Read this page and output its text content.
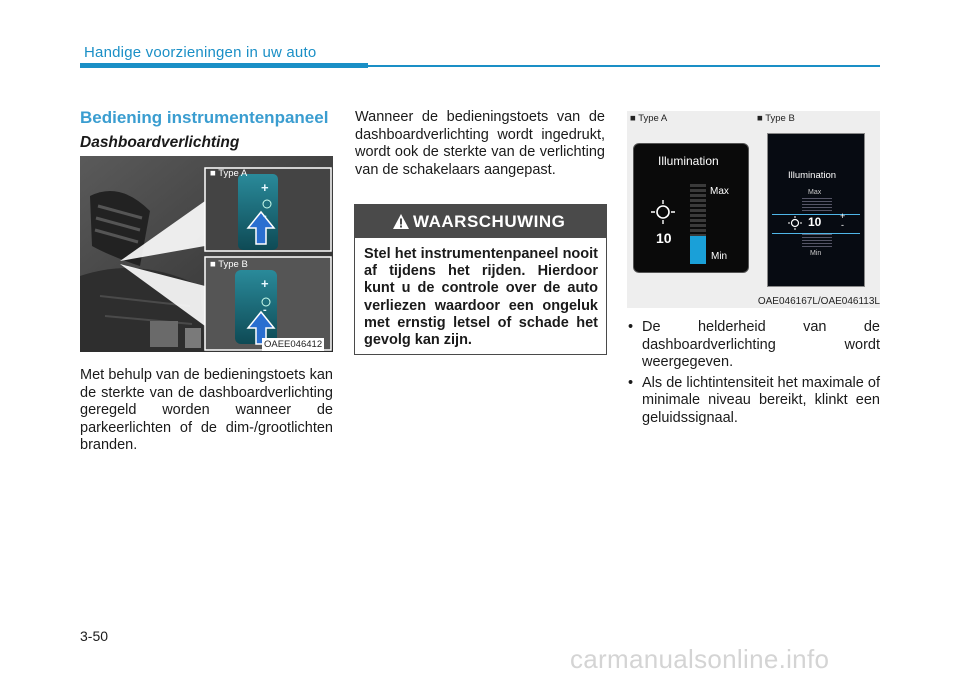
Handige voorzieningen in uw auto
Bediening instrumentenpaneel
Dashboardverlichting
■ Type A
■ Type B
+
-
+
-
OAEE046412
Met behulp van de bedieningstoets kan de sterkte van de dashboardverlichting geregeld worden wanneer de parkeerlichten of de dim-/grootlichten branden.
Wanneer de bedieningstoets van de dashboardverlichting wordt ingedrukt, wordt ook de sterkte van de verlichting van de schakelaars aangepast.
WAARSCHUWING
Stel het instrumentenpaneel nooit af tijdens het rijden. Hierdoor kunt u de controle over de auto verliezen waardoor een ongeluk met ernstig letsel of schade het gevolg kan zijn.
■ Type A	■ Type B
Illumination
10
Max
Min
Illumination
Max
10 +
-
Min
OAE046167L/OAE046113L
• De helderheid van de dashboardverlichting wordt weergegeven.
• Als de lichtintensiteit het maximale of minimale niveau bereikt, klinkt een geluidssignaal.
3-50
carmanualsonline.info
